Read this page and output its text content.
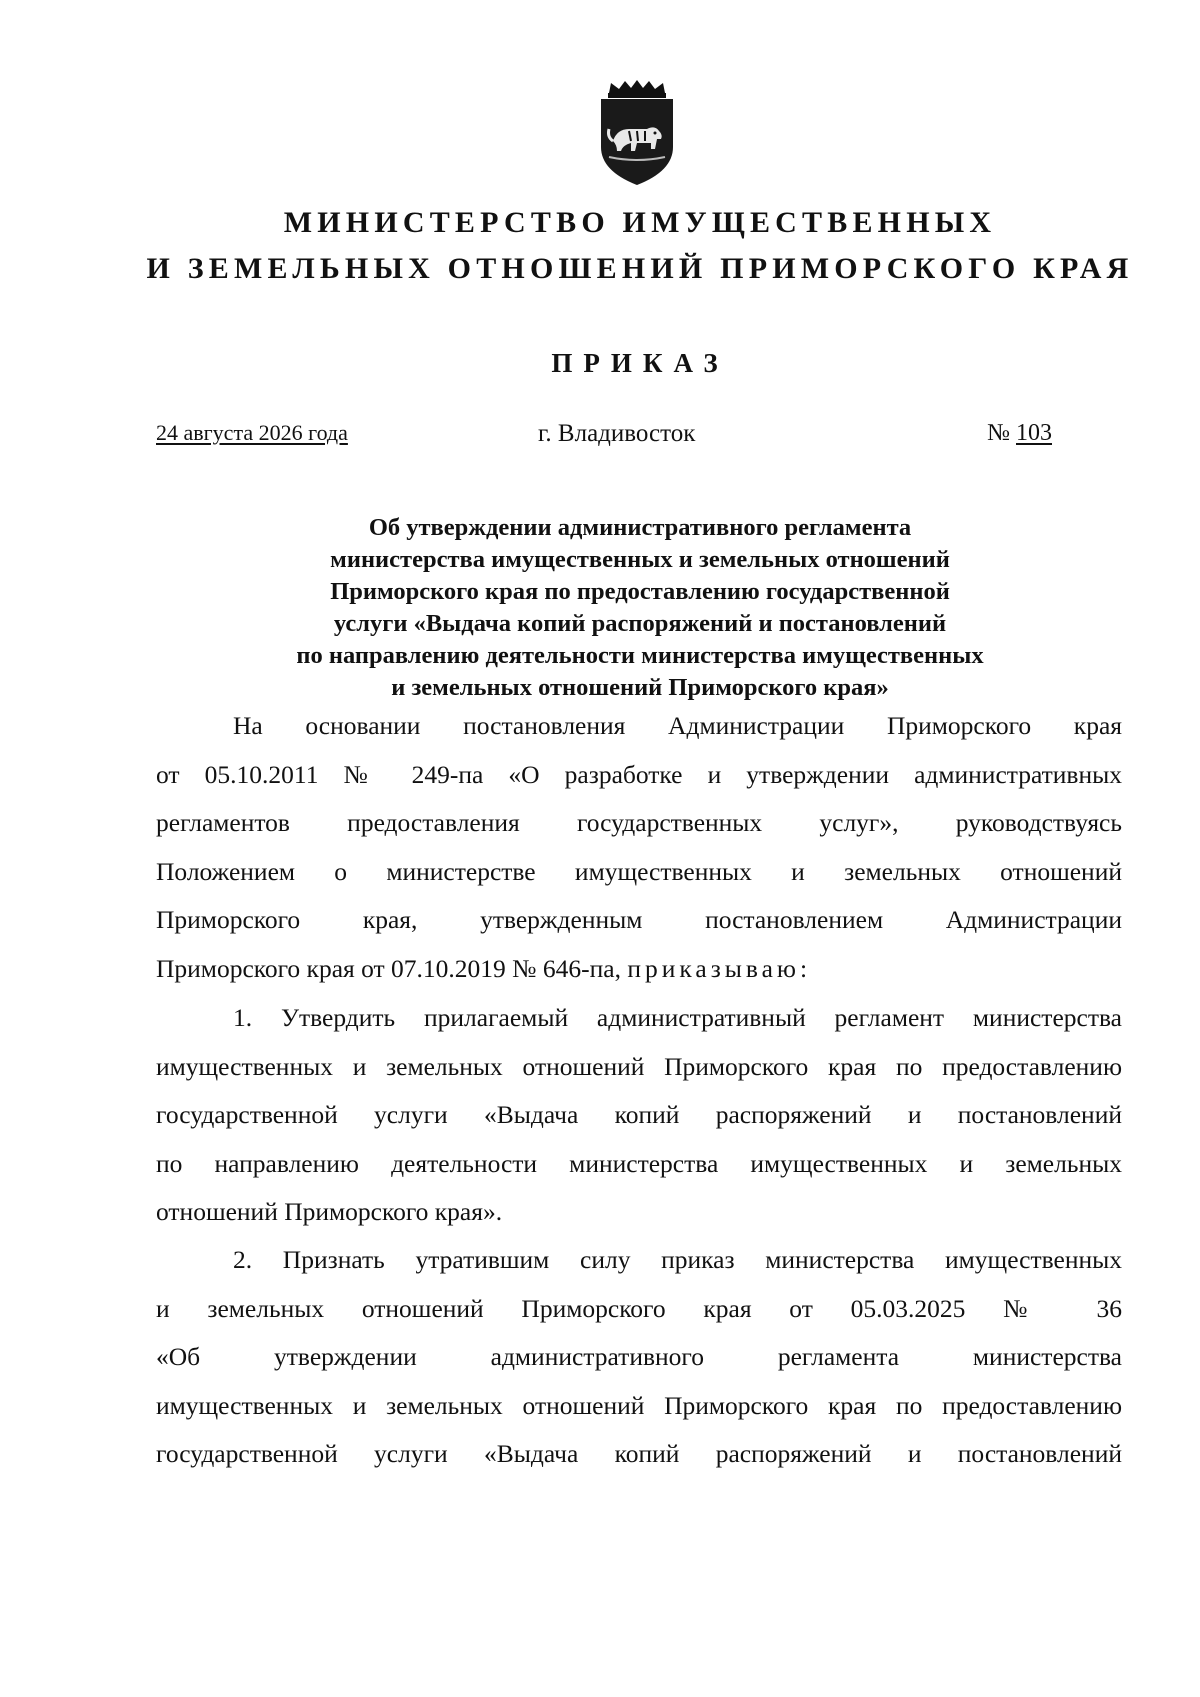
МИНИСТЕРСТВО ИМУЩЕСТВЕННЫХ
И ЗЕМЕЛЬНЫХ ОТНОШЕНИЙ ПРИМОРСКОГО КРАЯ
ПРИКАЗ
24 августа 2026 года	г. Владивосток	№ 103
Об утверждении административного регламента
министерства имущественных и земельных отношений
Приморского края по предоставлению государственной
услуги «Выдача копий распоряжений и постановлений
по направлению деятельности министерства имущественных
и земельных отношений Приморского края»
На основании постановления Администрации Приморского края
от 05.10.2011 № 249-па «О разработке и утверждении административных
регламентов предоставления государственных услуг», руководствуясь
Положением о министерстве имущественных и земельных отношений
Приморского края, утвержденным постановлением Администрации
Приморского края от 07.10.2019 № 646-па, приказываю:
1. Утвердить прилагаемый административный регламент министерства
имущественных и земельных отношений Приморского края по предоставлению
государственной услуги «Выдача копий распоряжений и постановлений
по направлению деятельности министерства имущественных и земельных
отношений Приморского края».
2. Признать утратившим силу приказ министерства имущественных
и земельных отношений Приморского края от 05.03.2025 № 36
«Об утверждении административного регламента министерства
имущественных и земельных отношений Приморского края по предоставлению
государственной услуги «Выдача копий распоряжений и постановлений
